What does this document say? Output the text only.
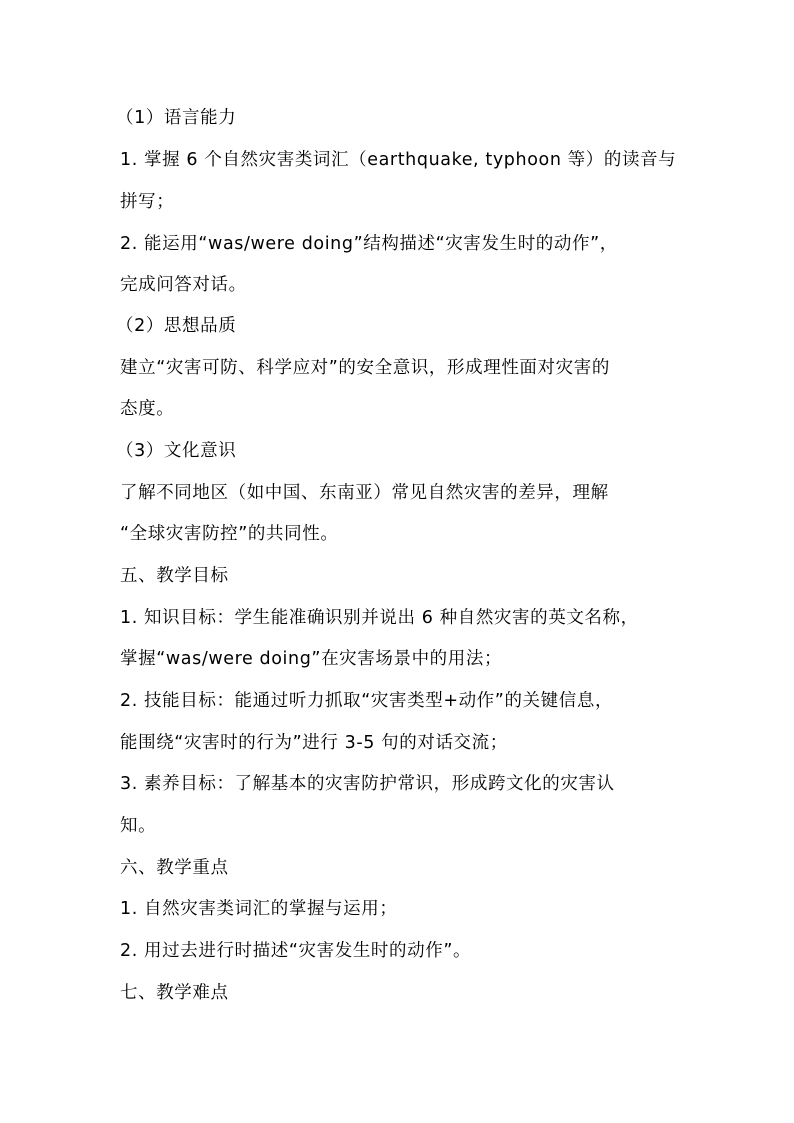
（1）语言能力
1. 掌握 6 个自然灾害类词汇（earthquake, typhoon 等）的读音与
拼写；
2. 能运用“was/were doing”结构描述“灾害发生时的动作”，
完成问答对话。
（2）思想品质
建立“灾害可防、科学应对”的安全意识，形成理性面对灾害的
态度。
（3）文化意识
了解不同地区（如中国、东南亚）常见自然灾害的差异，理解
“全球灾害防控”的共同性。
五、教学目标
1. 知识目标：学生能准确识别并说出 6 种自然灾害的英文名称，
掌握“was/were doing”在灾害场景中的用法；
2. 技能目标：能通过听力抓取“灾害类型+动作”的关键信息，
能围绕“灾害时的行为”进行 3-5 句的对话交流；
3. 素养目标：了解基本的灾害防护常识，形成跨文化的灾害认
知。
六、教学重点
1. 自然灾害类词汇的掌握与运用；
2. 用过去进行时描述“灾害发生时的动作”。
七、教学难点
